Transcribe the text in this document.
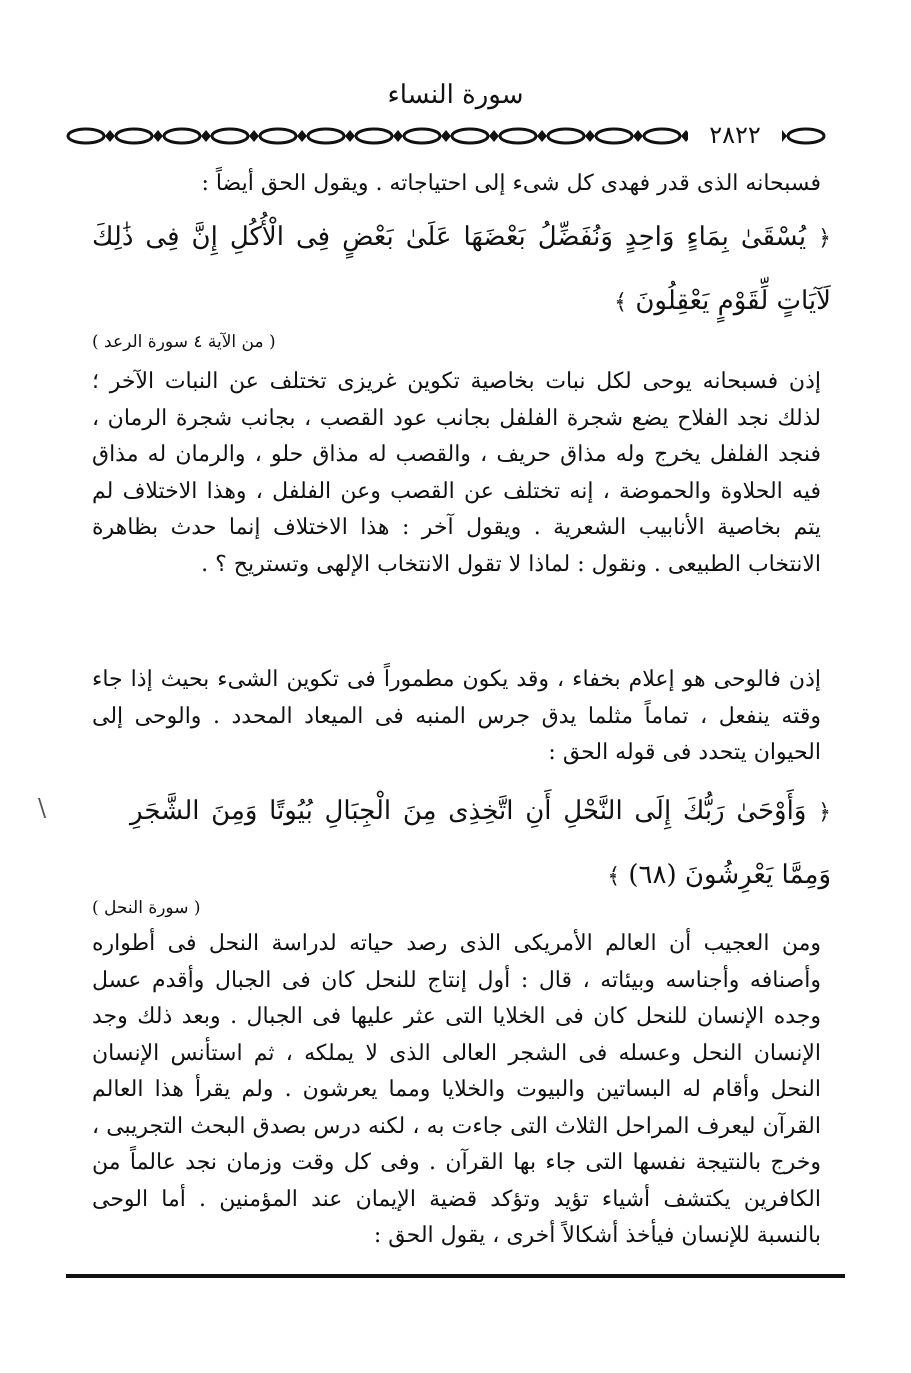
سورة النساء
٢٨٢٢
فسبحانه الذى قدر فهدى كل شىء إلى احتياجاته . ويقول الحق أيضاً :
﴿ يُسْقَىٰ بِمَاءٍ وَاحِدٍ وَنُفَضِّلُ بَعْضَهَا عَلَىٰ بَعْضٍ فِى الْأُكُلِ إِنَّ فِى ذَٰلِكَ لَآيَاتٍ لِّقَوْمٍ يَعْقِلُونَ ﴾
( من الآية ٤ سورة الرعد )
إذن فسبحانه يوحى لكل نبات بخاصية تكوين غريزى تختلف عن النبات الآخر ؛ لذلك نجد الفلاح يضع شجرة الفلفل بجانب عود القصب ، بجانب شجرة الرمان ، فنجد الفلفل يخرج وله مذاق حريف ، والقصب له مذاق حلو ، والرمان له مذاق فيه الحلاوة والحموضة ، إنه تختلف عن القصب وعن الفلفل ، وهذا الاختلاف لم يتم بخاصية الأنابيب الشعرية . ويقول آخر : هذا الاختلاف إنما حدث بظاهرة الانتخاب الطبيعى . ونقول : لماذا لا تقول الانتخاب الإلهى وتستريح ؟ .
إذن فالوحى هو إعلام بخفاء ، وقد يكون مطموراً فى تكوين الشىء بحيث إذا جاء وقته ينفعل ، تماماً مثلما يدق جرس المنبه فى الميعاد المحدد . والوحى إلى الحيوان يتحدد فى قوله الحق :
﴿ وَأَوْحَىٰ رَبُّكَ إِلَى النَّحْلِ أَنِ اتَّخِذِى مِنَ الْجِبَالِ بُيُوتًا وَمِنَ الشَّجَرِ وَمِمَّا يَعْرِشُونَ (٦٨) ﴾
( سورة النحل )
ومن العجيب أن العالم الأمريكى الذى رصد حياته لدراسة النحل فى أطواره وأصنافه وأجناسه وبيئاته ، قال : أول إنتاج للنحل كان فى الجبال وأقدم عسل وجده الإنسان للنحل كان فى الخلايا التى عثر عليها فى الجبال . وبعد ذلك وجد الإنسان النحل وعسله فى الشجر العالى الذى لا يملكه ، ثم استأنس الإنسان النحل وأقام له البساتين والبيوت والخلايا ومما يعرشون . ولم يقرأ هذا العالم القرآن ليعرف المراحل الثلاث التى جاءت به ، لكنه درس بصدق البحث التجريبى ، وخرج بالنتيجة نفسها التى جاء بها القرآن . وفى كل وقت وزمان نجد عالماً من الكافرين يكتشف أشياء تؤيد وتؤكد قضية الإيمان عند المؤمنين . أما الوحى بالنسبة للإنسان فيأخذ أشكالاً أخرى ، يقول الحق :
\
